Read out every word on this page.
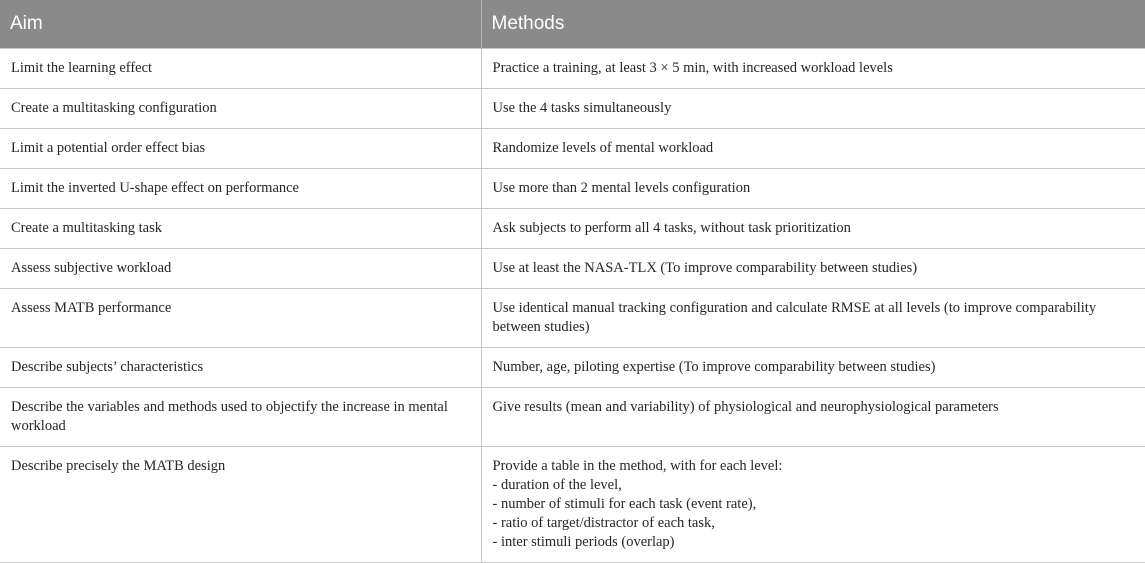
Aim	Methods
Limit the learning effect	Practice a training, at least 3 × 5 min, with increased workload levels
Create a multitasking configuration	Use the 4 tasks simultaneously
Limit a potential order effect bias	Randomize levels of mental workload
Limit the inverted U-shape effect on performance	Use more than 2 mental levels configuration
Create a multitasking task	Ask subjects to perform all 4 tasks, without task prioritization
Assess subjective workload	Use at least the NASA-TLX (To improve comparability between studies)
Assess MATB performance	Use identical manual tracking configuration and calculate RMSE at all levels (to improve comparability between studies)
Describe subjects’ characteristics	Number, age, piloting expertise (To improve comparability between studies)
Describe the variables and methods used to objectify the increase in mental workload	Give results (mean and variability) of physiological and neurophysiological parameters
Describe precisely the MATB design	Provide a table in the method, with for each level:
- duration of the level,
- number of stimuli for each task (event rate),
- ratio of target/distractor of each task,
- inter stimuli periods (overlap)
